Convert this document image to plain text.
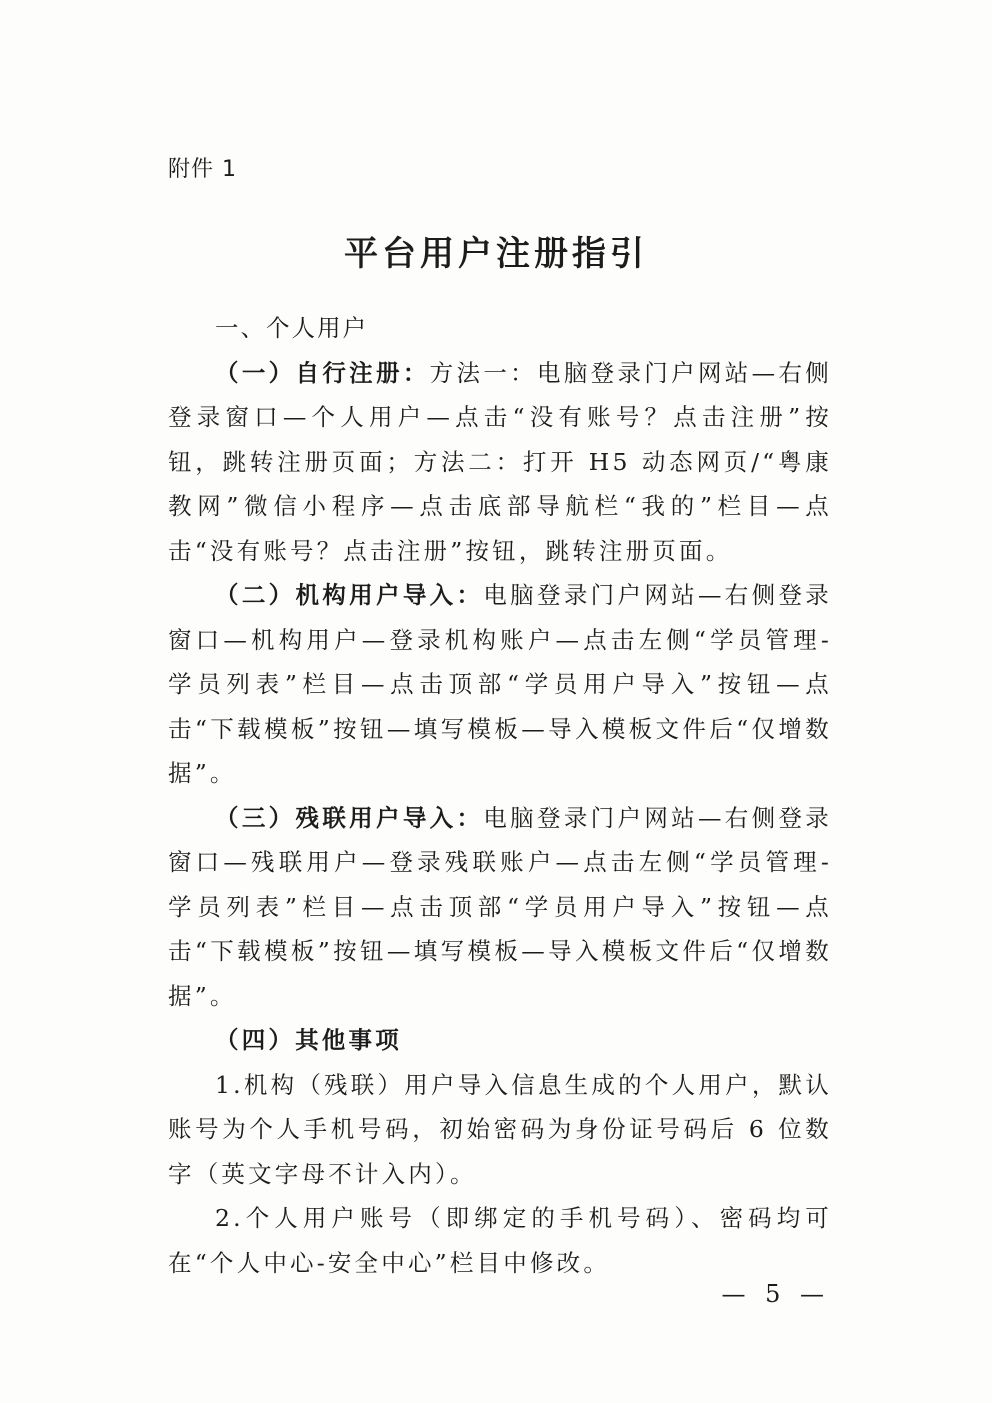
附件 1
平台用户注册指引

一、个人用户

（一）自行注册：方法一：电脑登录门户网站—右侧登录窗口—个人用户—点击“没有账号？点击注册”按钮，跳转注册页面；方法二：打开 H5 动态网页/“粤康教网”微信小程序—点击底部导航栏“我的”栏目—点击“没有账号？点击注册”按钮，跳转注册页面。

（二）机构用户导入：电脑登录门户网站—右侧登录窗口—机构用户—登录机构账户—点击左侧“学员管理-学员列表”栏目—点击顶部“学员用户导入”按钮—点击“下载模板”按钮—填写模板—导入模板文件后“仅增数据”。

（三）残联用户导入：电脑登录门户网站—右侧登录窗口—残联用户—登录残联账户—点击左侧“学员管理-学员列表”栏目—点击顶部“学员用户导入”按钮—点击“下载模板”按钮—填写模板—导入模板文件后“仅增数据”。

（四）其他事项

1.机构（残联）用户导入信息生成的个人用户，默认账号为个人手机号码，初始密码为身份证号码后 6 位数字（英文字母不计入内）。

2.个人用户账号（即绑定的手机号码）、密码均可在“个人中心-安全中心”栏目中修改。

— 5 —
